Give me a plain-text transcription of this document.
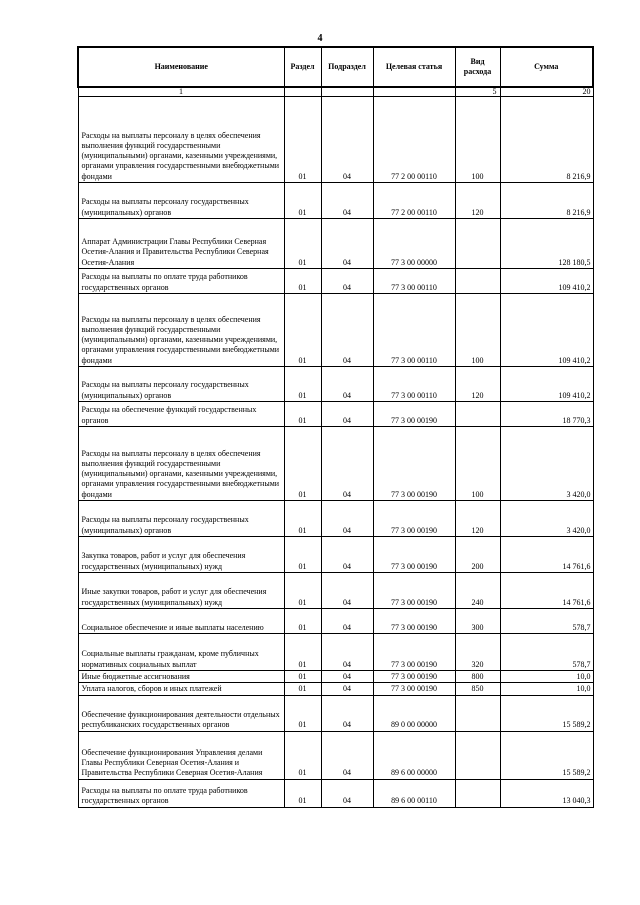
4
Наименование	Раздел	Подраздел	Целевая статья	Вид расхода	Сумма
1				5	20
Расходы на выплаты персоналу в целях обеспечения выполнения функций государственными (муниципальными) органами, казенными учреждениями, органами управления государственными внебюджетными фондами	01	04	77 2 00 00110	100	8 216,9
Расходы на выплаты персоналу государственных (муниципальных) органов	01	04	77 2 00 00110	120	8 216,9
Аппарат Администрации Главы Республики Северная Осетия-Алания и Правительства Республики Северная Осетия-Алания	01	04	77 3 00 00000		128 180,5
Расходы на выплаты по оплате труда работников государственных органов	01	04	77 3 00 00110		109 410,2
Расходы на выплаты персоналу в целях обеспечения выполнения функций государственными (муниципальными) органами, казенными учреждениями, органами управления государственными внебюджетными фондами	01	04	77 3 00 00110	100	109 410,2
Расходы на выплаты персоналу государственных (муниципальных) органов	01	04	77 3 00 00110	120	109 410,2
Расходы на обеспечение функций государственных органов	01	04	77 3 00 00190		18 770,3
Расходы на выплаты персоналу в целях обеспечения выполнения функций государственными (муниципальными) органами, казенными учреждениями, органами управления государственными внебюджетными фондами	01	04	77 3 00 00190	100	3 420,0
Расходы на выплаты персоналу государственных (муниципальных) органов	01	04	77 3 00 00190	120	3 420,0
Закупка товаров, работ и услуг для обеспечения государственных (муниципальных) нужд	01	04	77 3 00 00190	200	14 761,6
Иные закупки товаров, работ и услуг для обеспечения государственных (муниципальных) нужд	01	04	77 3 00 00190	240	14 761,6
Социальное обеспечение и иные выплаты населению	01	04	77 3 00 00190	300	578,7
Социальные выплаты гражданам, кроме публичных нормативных социальных выплат	01	04	77 3 00 00190	320	578,7
Иные бюджетные ассигнования	01	04	77 3 00 00190	800	10,0
Уплата налогов, сборов и иных платежей	01	04	77 3 00 00190	850	10,0
Обеспечение функционирования деятельности отдельных республиканских государственных органов	01	04	89 0 00 00000		15 589,2
Обеспечение функционирования Управления делами Главы Республики Северная Осетия-Алания и Правительства Республики Северная Осетия-Алания	01	04	89 6 00 00000		15 589,2
Расходы на выплаты по оплате труда работников государственных органов	01	04	89 6 00 00110		13 040,3
